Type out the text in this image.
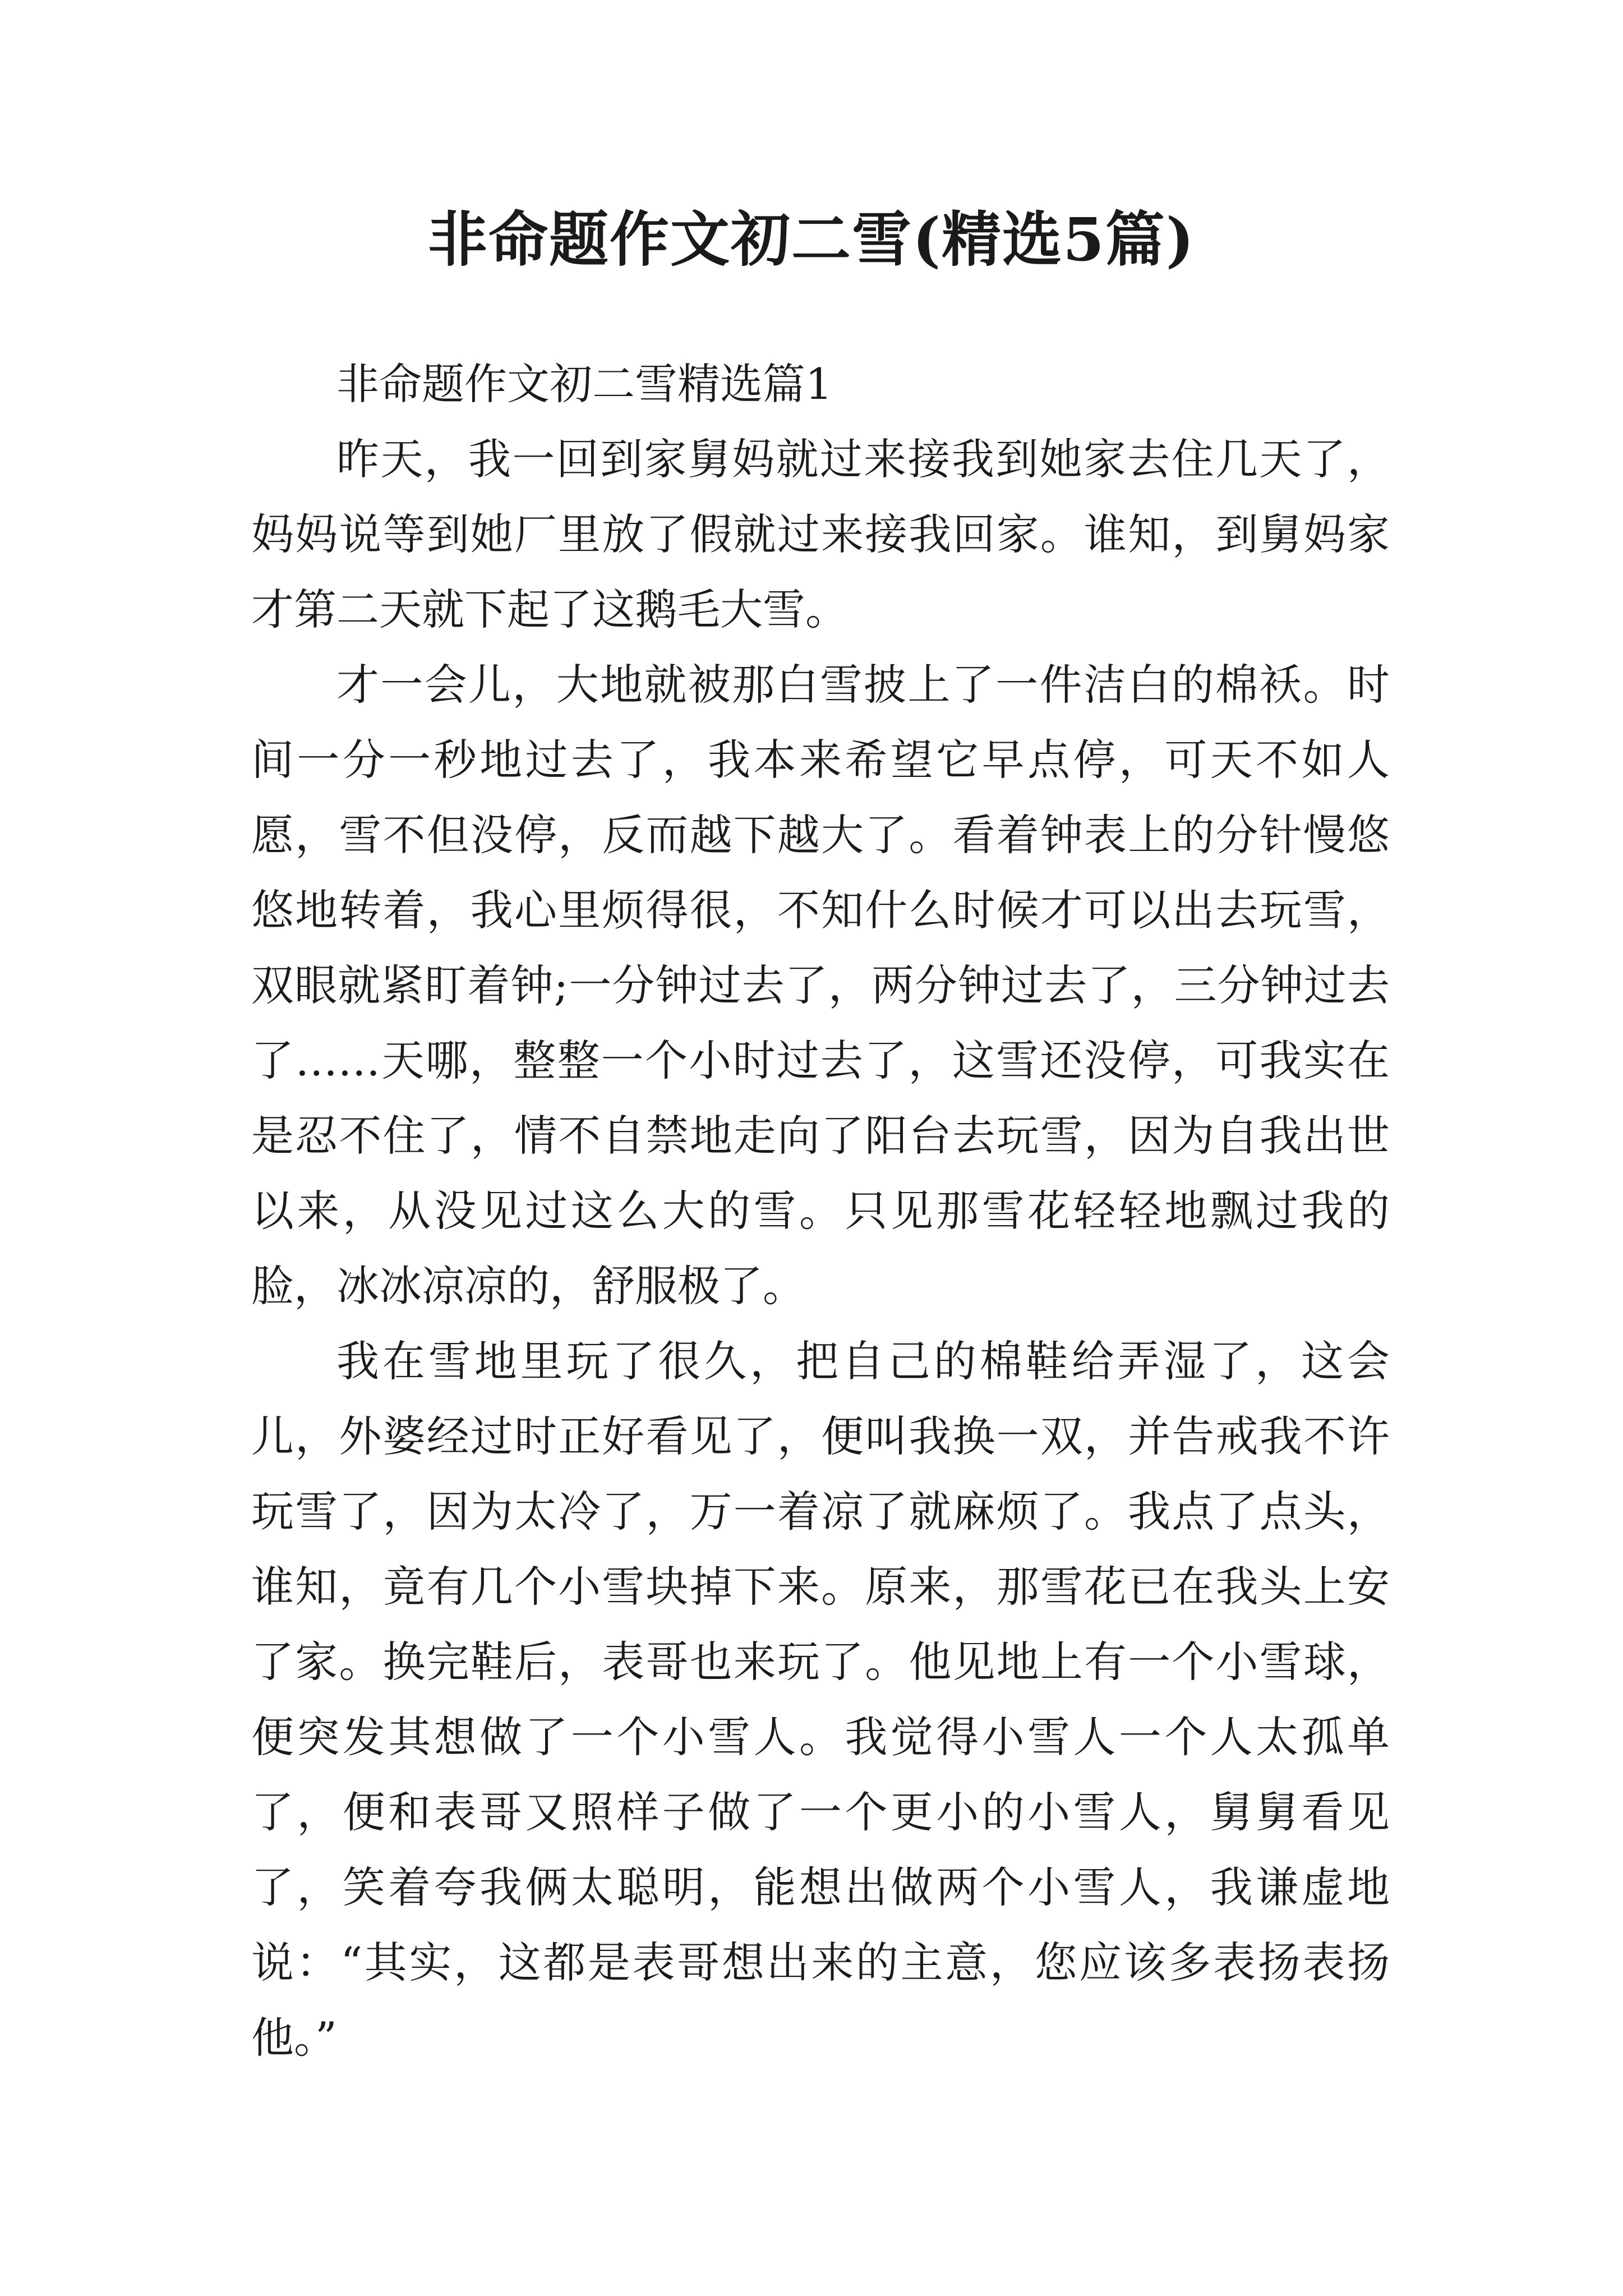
非命题作文初二雪(精选5篇)

非命题作文初二雪精选篇1

昨天，我一回到家舅妈就过来接我到她家去住几天了，妈妈说等到她厂里放了假就过来接我回家。谁知，到舅妈家才第二天就下起了这鹅毛大雪。

才一会儿，大地就被那白雪披上了一件洁白的棉袄。时间一分一秒地过去了，我本来希望它早点停，可天不如人愿，雪不但没停，反而越下越大了。看着钟表上的分针慢悠悠地转着，我心里烦得很，不知什么时候才可以出去玩雪，双眼就紧盯着钟;一分钟过去了，两分钟过去了，三分钟过去了……天哪，整整一个小时过去了，这雪还没停，可我实在是忍不住了，情不自禁地走向了阳台去玩雪，因为自我出世以来，从没见过这么大的雪。只见那雪花轻轻地飘过我的脸，冰冰凉凉的，舒服极了。

我在雪地里玩了很久，把自己的棉鞋给弄湿了，这会儿，外婆经过时正好看见了，便叫我换一双，并告戒我不许玩雪了，因为太冷了，万一着凉了就麻烦了。我点了点头，谁知，竟有几个小雪块掉下来。原来，那雪花已在我头上安了家。换完鞋后，表哥也来玩了。他见地上有一个小雪球，便突发其想做了一个小雪人。我觉得小雪人一个人太孤单了，便和表哥又照样子做了一个更小的小雪人，舅舅看见了，笑着夸我俩太聪明，能想出做两个小雪人，我谦虚地说：“其实，这都是表哥想出来的主意，您应该多表扬表扬他。”
